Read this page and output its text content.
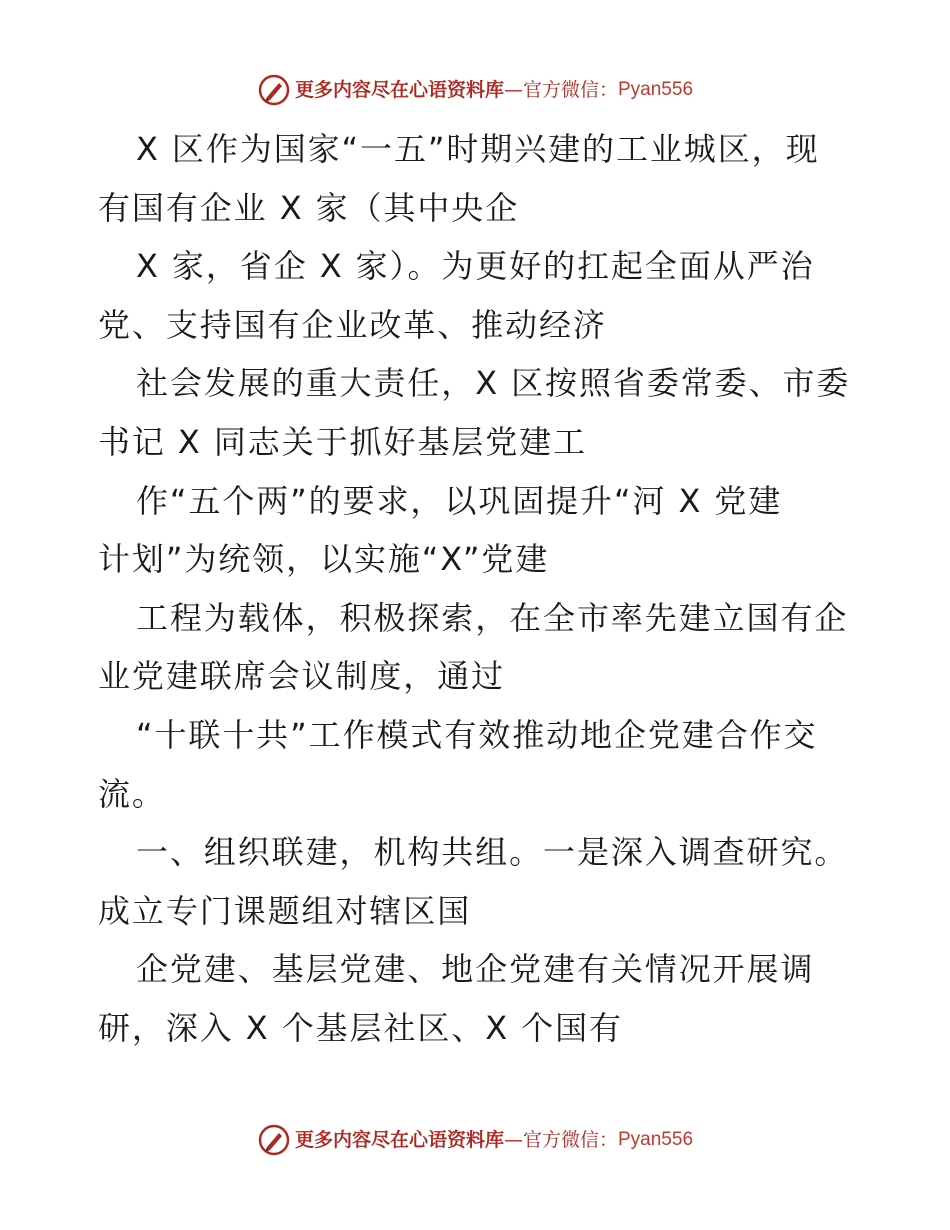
更多内容尽在心语资料库 — 官方微信： Pyan556
X 区作为国家“一五”时期兴建的工业城区，现
有国有企业 X 家（其中央企
X 家，省企 X 家）。为更好的扛起全面从严治
党、支持国有企业改革、推动经济
社会发展的重大责任，X 区按照省委常委、市委
书记 X 同志关于抓好基层党建工
作“五个两”的要求，以巩固提升“河 X 党建
计划”为统领，以实施“X”党建
工程为载体，积极探索，在全市率先建立国有企
业党建联席会议制度，通过
“十联十共”工作模式有效推动地企党建合作交
流。
一、组织联建，机构共组。一是深入调查研究。
成立专门课题组对辖区国
企党建、基层党建、地企党建有关情况开展调
研，深入 X 个基层社区、X 个国有
更多内容尽在心语资料库 — 官方微信： Pyan556
